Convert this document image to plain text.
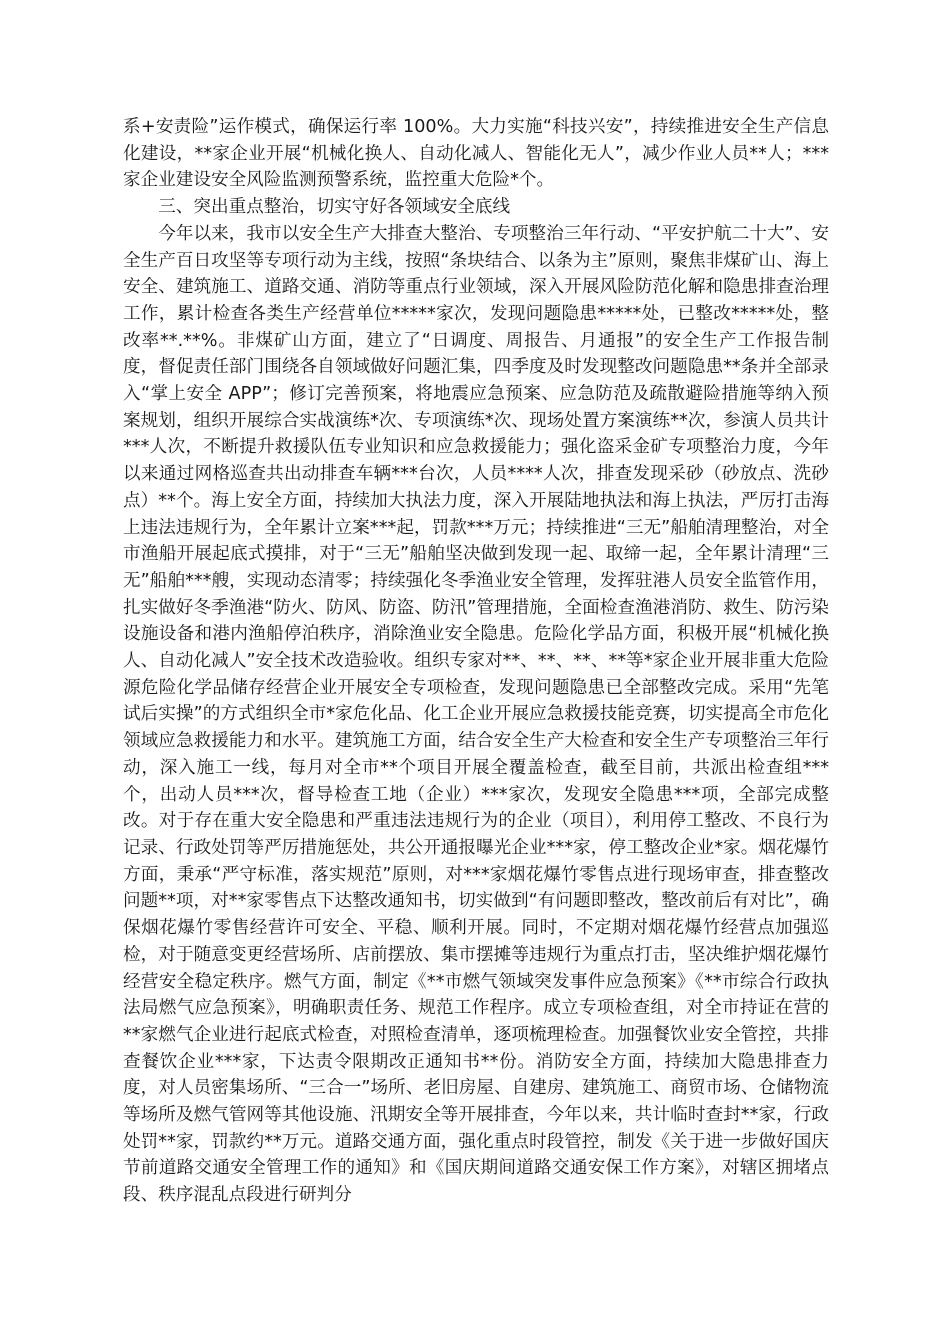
系+安责险”运作模式，确保运行率 100%。大力实施“科技兴安”，持续推进安全生产信息化建设，**家企业开展“机械化换人、自动化减人、智能化无人”，减少作业人员**人；***家企业建设安全风险监测预警系统，监控重大危险*个。

三、突出重点整治，切实守好各领域安全底线

今年以来，我市以安全生产大排查大整治、专项整治三年行动、“平安护航二十大”、安全生产百日攻坚等专项行动为主线，按照“条块结合、以条为主”原则，聚焦非煤矿山、海上安全、建筑施工、道路交通、消防等重点行业领域，深入开展风险防范化解和隐患排查治理工作，累计检查各类生产经营单位*****家次，发现问题隐患*****处，已整改*****处，整改率**.**%。非煤矿山方面，建立了“日调度、周报告、月通报”的安全生产工作报告制度，督促责任部门围绕各自领域做好问题汇集，四季度及时发现整改问题隐患**条并全部录入“掌上安全 APP”；修订完善预案，将地震应急预案、应急防范及疏散避险措施等纳入预案规划，组织开展综合实战演练*次、专项演练*次、现场处置方案演练**次，参演人员共计***人次，不断提升救援队伍专业知识和应急救援能力；强化盗采金矿专项整治力度，今年以来通过网格巡查共出动排查车辆***台次，人员****人次，排查发现采砂（砂放点、洗砂点）**个。海上安全方面，持续加大执法力度，深入开展陆地执法和海上执法，严厉打击海上违法违规行为，全年累计立案***起，罚款***万元；持续推进“三无”船舶清理整治，对全市渔船开展起底式摸排，对于“三无”船舶坚决做到发现一起、取缔一起，全年累计清理“三无”船舶***艘，实现动态清零；持续强化冬季渔业安全管理，发挥驻港人员安全监管作用，扎实做好冬季渔港“防火、防风、防盗、防汛”管理措施，全面检查渔港消防、救生、防污染设施设备和港内渔船停泊秩序，消除渔业安全隐患。危险化学品方面，积极开展“机械化换人、自动化减人”安全技术改造验收。组织专家对**、**、**、**等*家企业开展非重大危险源危险化学品储存经营企业开展安全专项检查，发现问题隐患已全部整改完成。采用“先笔试后实操”的方式组织全市*家危化品、化工企业开展应急救援技能竞赛，切实提高全市危化领域应急救援能力和水平。建筑施工方面，结合安全生产大检查和安全生产专项整治三年行动，深入施工一线，每月对全市**个项目开展全覆盖检查，截至目前，共派出检查组***个，出动人员***次，督导检查工地（企业）***家次，发现安全隐患***项，全部完成整改。对于存在重大安全隐患和严重违法违规行为的企业（项目），利用停工整改、不良行为记录、行政处罚等严厉措施惩处，共公开通报曝光企业***家，停工整改企业*家。烟花爆竹方面，秉承“严守标准，落实规范”原则，对***家烟花爆竹零售点进行现场审查，排查整改问题**项，对**家零售点下达整改通知书，切实做到“有问题即整改，整改前后有对比”，确保烟花爆竹零售经营许可安全、平稳、顺利开展。同时，不定期对烟花爆竹经营点加强巡检，对于随意变更经营场所、店前摆放、集市摆摊等违规行为重点打击，坚决维护烟花爆竹经营安全稳定秩序。燃气方面，制定《**市燃气领域突发事件应急预案》《**市综合行政执法局燃气应急预案》，明确职责任务、规范工作程序。成立专项检查组，对全市持证在营的**家燃气企业进行起底式检查，对照检查清单，逐项梳理检查。加强餐饮业安全管控，共排查餐饮企业***家，下达责令限期改正通知书**份。消防安全方面，持续加大隐患排查力度，对人员密集场所、“三合一”场所、老旧房屋、自建房、建筑施工、商贸市场、仓储物流等场所及燃气管网等其他设施、汛期安全等开展排查，今年以来，共计临时查封**家，行政处罚**家，罚款约**万元。道路交通方面，强化重点时段管控，制发《关于进一步做好国庆节前道路交通安全管理工作的通知》和《国庆期间道路交通安保工作方案》，对辖区拥堵点段、秩序混乱点段进行研判分
